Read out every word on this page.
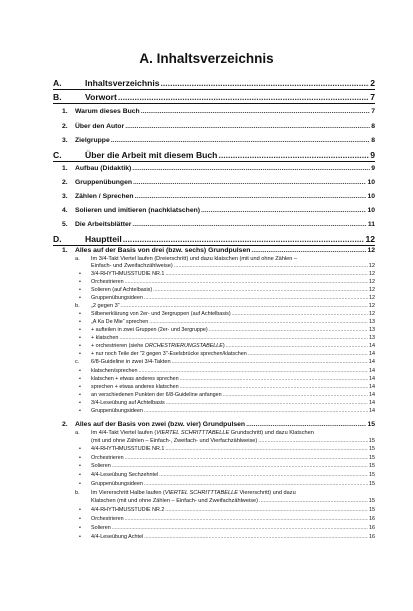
A. Inhaltsverzeichnis
A.	Inhaltsverzeichnis .....	2
B.	Vorwort .....	7
1. Warum dieses Buch .....	7
2. Über den Autor .....	8
3. Zielgruppe .....	8
C.	Über die Arbeit mit diesem Buch .....	9
1. Aufbau (Didaktik) .....	9
2. Gruppenübungen .....	10
3. Zählen / Sprechen .....	10
4. Solieren und imitieren (nachklatschen) .....	10
5. Die Arbeitsblätter .....	11
D.	Hauptteil .....	12
1. Alles auf der Basis von drei (bzw. sechs) Grundpulsen .....	12
a. Im 3/4-Takt Viertel laufen (Dreierschritt) und dazu klatschen (mit und ohne Zählen –
Einfach- und Zweifachzählweise) .....	12
• 3/4-RHYTHMUSSTUDIE NR.1 .....	12
• Orchestrieren .....	12
• Solieren (auf Achtelbasis) .....	12
• Gruppenübungsideen .....	12
b. „2 gegen 3“ .....	12
• Silbenerklärung von 2er- und 3ergruppen (auf Achtelbasis) .....	12
• „A Ka De Mie“ sprechen .....	13
• + aufteilen in zwei Gruppen (2er- und 3ergruppe) .....	13
• + klatschen .....	13
• + orchestrieren (siehe ORCHESTRIERUNGSTABELLE) .....	14
• + nur noch Teile der "2 gegen 3"-Eselsbrücke sprechen/klatschen .....	14
c. 6/8-Guideline in zwei 3/4-Takten .....	14
• klatschen/sprechen .....	14
• klatschen + etwas anderes sprechen .....	14
• sprechen + etwas anderes klatschen .....	14
• an verschiedenen Punkten der 6/8-Guideline anfangen .....	14
• 3/4-Leseübung auf Achtelbasis .....	14
• Gruppenübungsideen .....	14
2. Alles auf der Basis von zwei (bzw. vier) Grundpulsen .....	15
a. Im 4/4-Takt Viertel laufen (VIERTEL SCHRITTTABELLE Grundschritt) und dazu Klatschen
(mit und ohne Zählen – Einfach-, Zweifach- und Vierfachzählweise) .....	15
• 4/4-RHYTHMUSSTUDIE NR.1 .....	15
• Orchestrieren .....	15
• Solieren .....	15
• 4/4-Leseübung Sechzehntel .....	15
• Gruppenübungsideen .....	15
b. Im Viererschritt Halbe laufen (VIERTEL SCHRITTTABELLE Viererschritt) und dazu
Klatschen (mit und ohne Zählen – Einfach- und Zweifachzählweise) .....	15
• 4/4-RHYTHMUSSTUDIE NR.2 .....	15
• Orchestrieren .....	16
• Solieren .....	16
• 4/4-Leseübung Achtel .....	16
